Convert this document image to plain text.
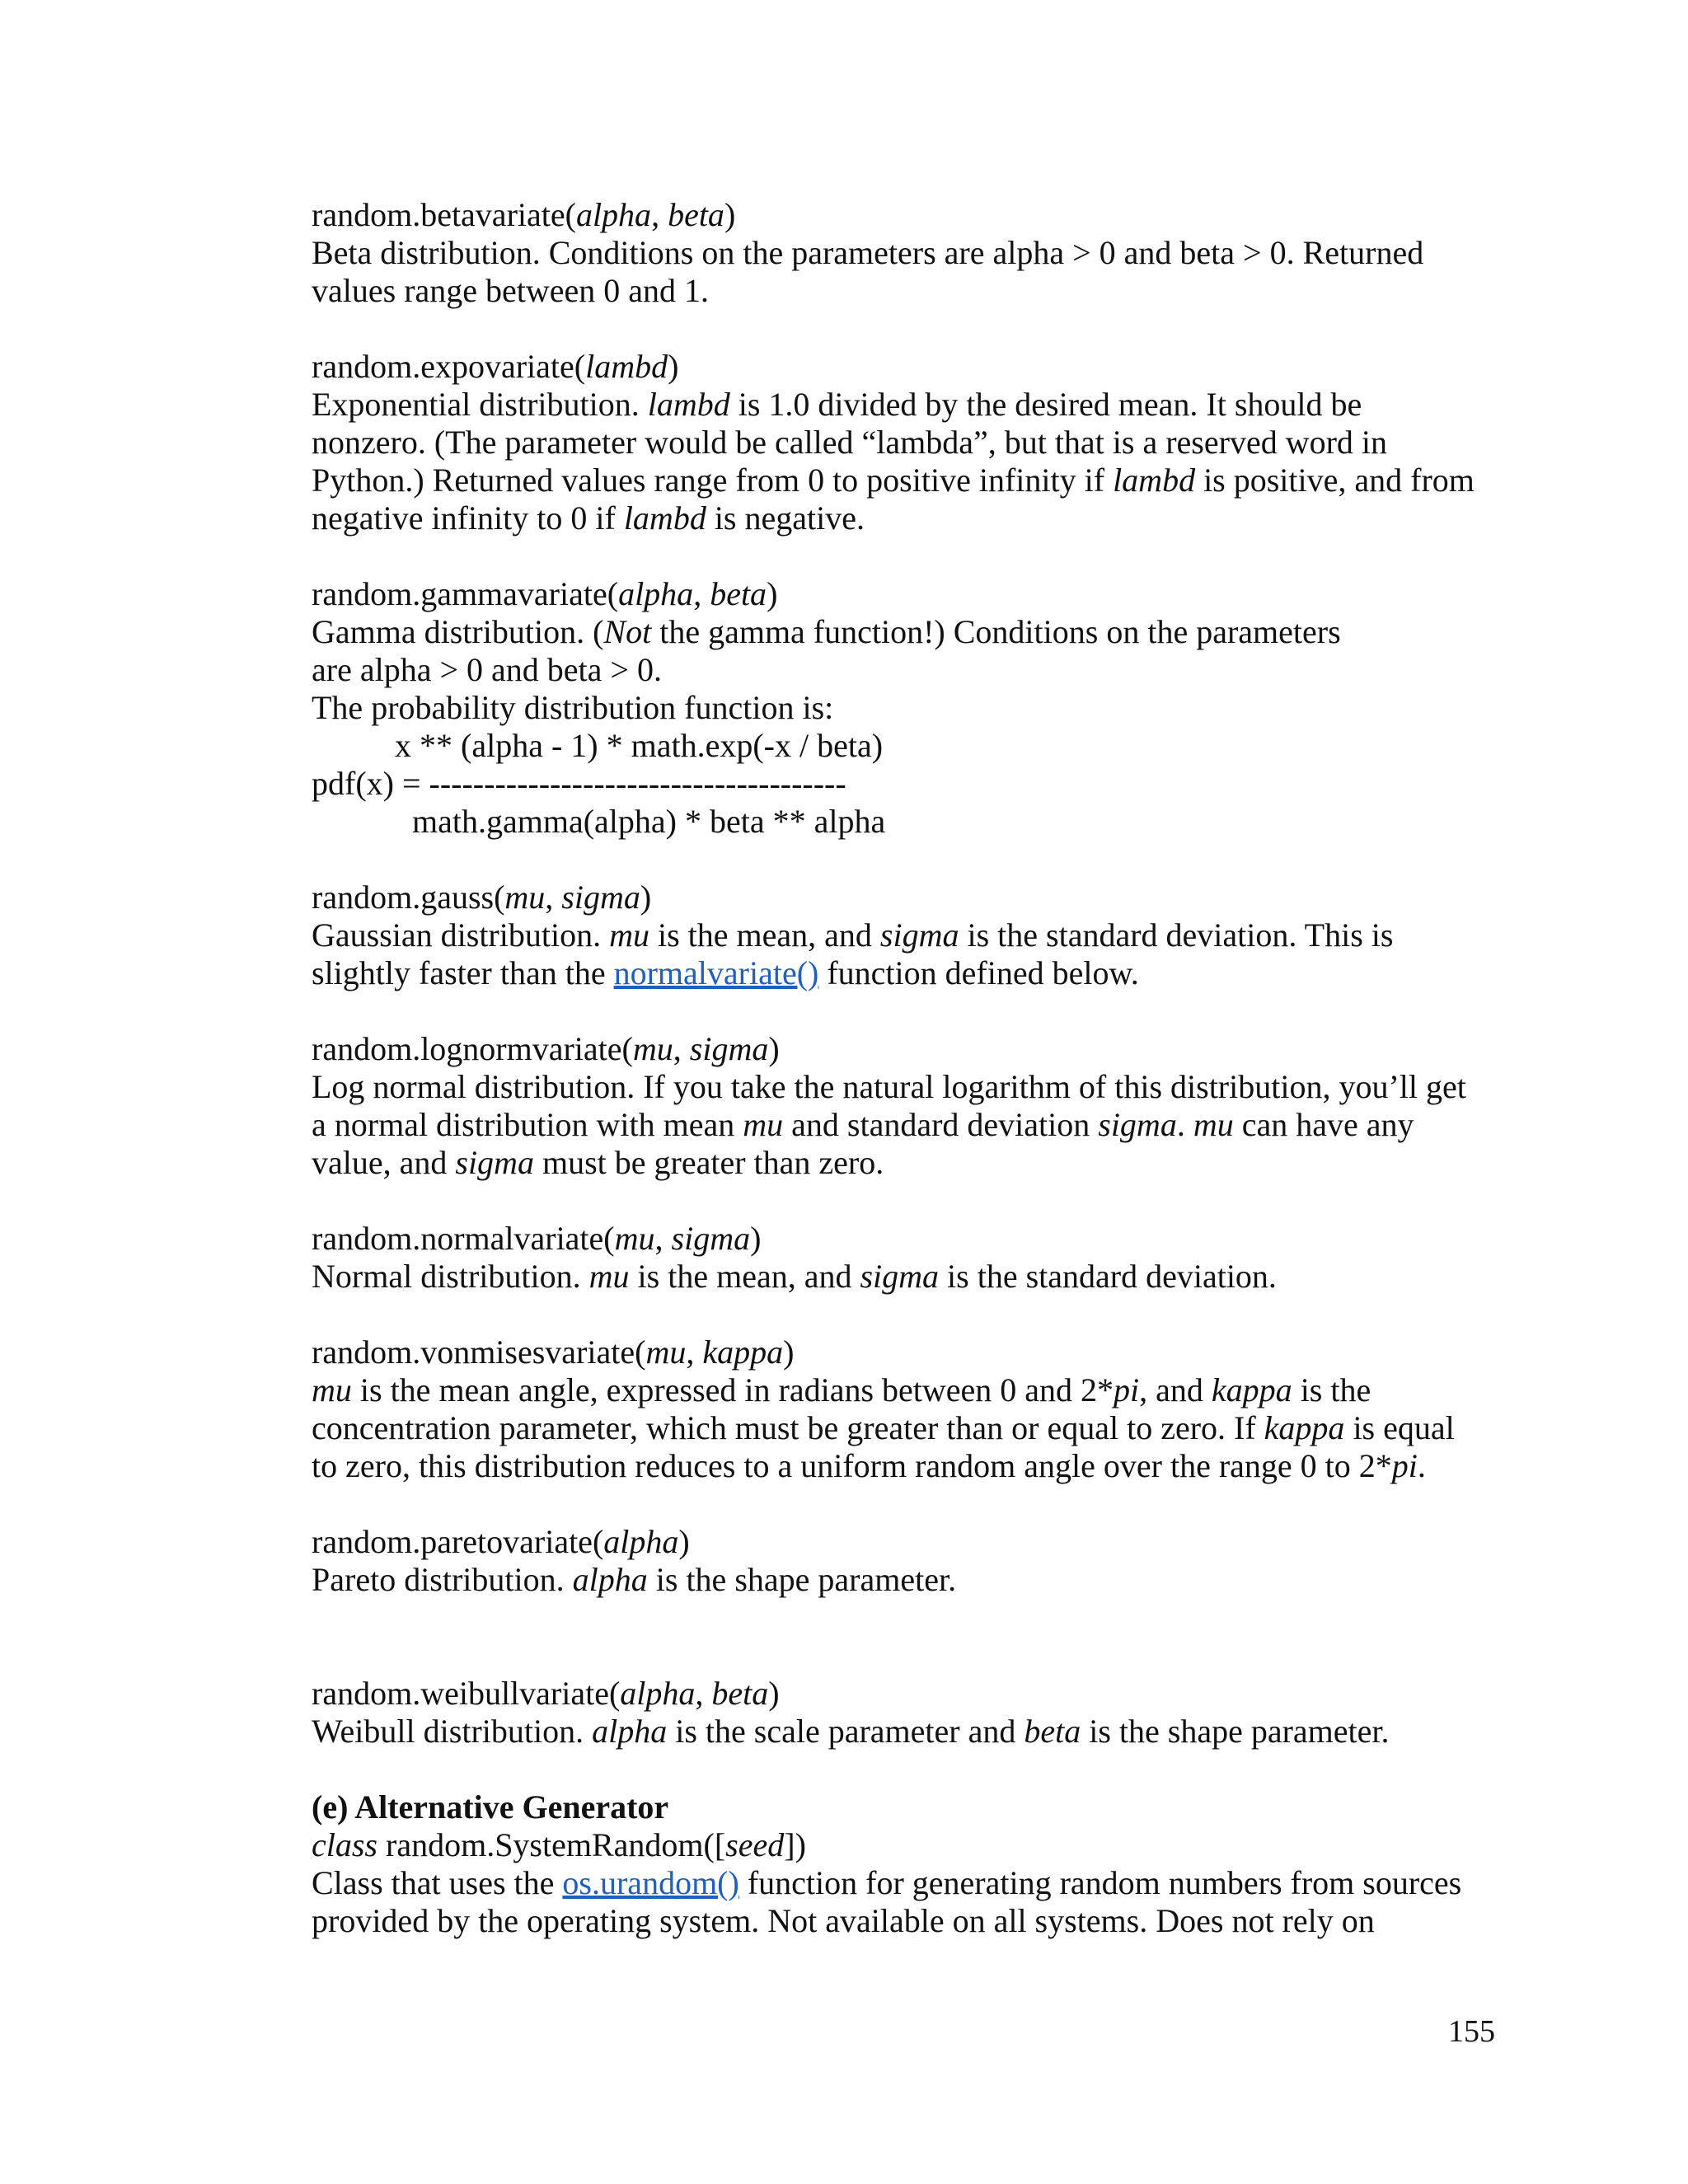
random.betavariate(alpha, beta)
Beta distribution. Conditions on the parameters are alpha > 0 and beta > 0. Returned
values range between 0 and 1.
random.expovariate(lambd)
Exponential distribution. lambd is 1.0 divided by the desired mean. It should be
nonzero. (The parameter would be called “lambda”, but that is a reserved word in
Python.) Returned values range from 0 to positive infinity if lambd is positive, and from
negative infinity to 0 if lambd is negative.
random.gammavariate(alpha, beta)
Gamma distribution. (Not the gamma function!) Conditions on the parameters
are alpha > 0 and beta > 0.
The probability distribution function is:
x ** (alpha - 1) * math.exp(-x / beta)
pdf(x) = --------------------------------------
math.gamma(alpha) * beta ** alpha
random.gauss(mu, sigma)
Gaussian distribution. mu is the mean, and sigma is the standard deviation. This is
slightly faster than the normalvariate() function defined below.
random.lognormvariate(mu, sigma)
Log normal distribution. If you take the natural logarithm of this distribution, you’ll get
a normal distribution with mean mu and standard deviation sigma. mu can have any
value, and sigma must be greater than zero.
random.normalvariate(mu, sigma)
Normal distribution. mu is the mean, and sigma is the standard deviation.
random.vonmisesvariate(mu, kappa)
mu is the mean angle, expressed in radians between 0 and 2*pi, and kappa is the
concentration parameter, which must be greater than or equal to zero. If kappa is equal
to zero, this distribution reduces to a uniform random angle over the range 0 to 2*pi.
random.paretovariate(alpha)
Pareto distribution. alpha is the shape parameter.
random.weibullvariate(alpha, beta)
Weibull distribution. alpha is the scale parameter and beta is the shape parameter.
(e) Alternative Generator
class random.SystemRandom([seed])
Class that uses the os.urandom() function for generating random numbers from sources
provided by the operating system. Not available on all systems. Does not rely on
155
